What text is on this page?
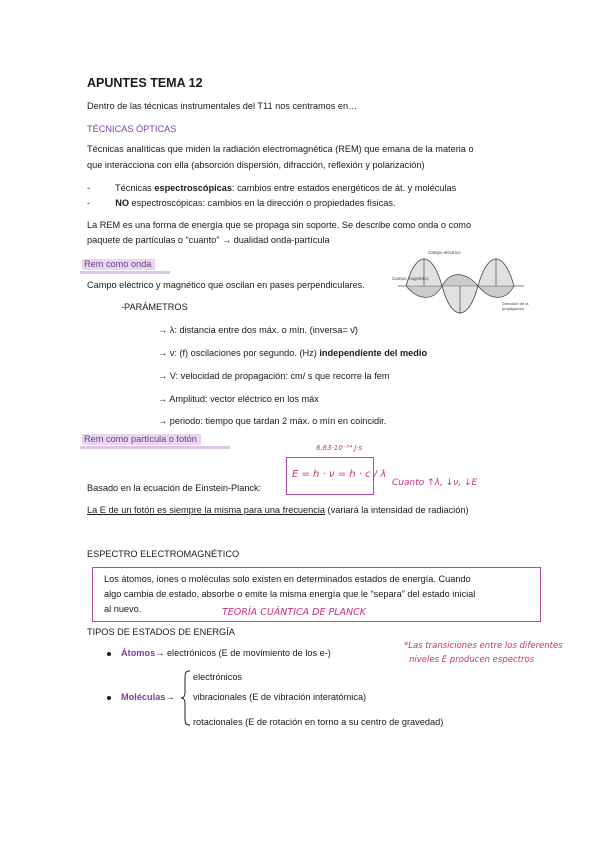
APUNTES TEMA 12
Dentro de las técnicas instrumentales del T11 nos centramos en…
TÉCNICAS ÓPTICAS
Técnicas analíticas que miden la radiación electromagnética (REM) que emana de la materia o
que interacciona con ella (absorción dispersión, difracción, reflexión y polarización)
-	Técnicas espectroscópicas: cambios entre estados energéticos de át. y moléculas
-	NO espectroscópicas: cambios en la dirección o propiedades físicas.
La REM es una forma de energía que se propaga sin soporte. Se describe como onda o como
paquete de partículas o “cuanto” → dualidad onda-partícula
Rem como onda
Campo eléctrico y magnético que oscilan en pases perpendiculares.
Campo eléctrico
Campo magnético
Dirección de la propagación
-PARÁMETROS
→ λ: distancia entre dos máx. o mín. (inversa= ν̄)
→ ν: (f) oscilaciones por segundo. (Hz) independiente del medio
→ V: velocidad de propagación: cm/ s que recorre la fem
→ Amplitud: vector eléctrico en los máx
→ periodo: tiempo que tardan 2 máx. o mín en coincidir.
Rem como partícula o fotón
6,63·10⁻³⁴ J·s
E = h · ν = h · c / λ
Cuanto ↑λ, ↓ν, ↓E
Basado en la ecuación de Einstein-Planck:
La E de un fotón es siempre la misma para una frecuencia (variará la intensidad de radiación)
ESPECTRO ELECTROMAGNÉTICO
Los átomos, iones o moléculas solo existen en determinados estados de energía. Cuando
algo cambia de estado, absorbe o emite la misma energía que le “separa” del estado inicial
al nuevo.	TEORÍA CUÁNTICA DE PLANCK
TIPOS DE ESTADOS DE ENERGÍA
Átomos→ electrónicos (E de movimiento de los e-)
Moléculas→
electrónicos
vibracionales (E de vibración interatómica)
rotacionales (E de rotación en torno a su centro de gravedad)
*Las transiciones entre los diferentes
niveles E producen espectros
